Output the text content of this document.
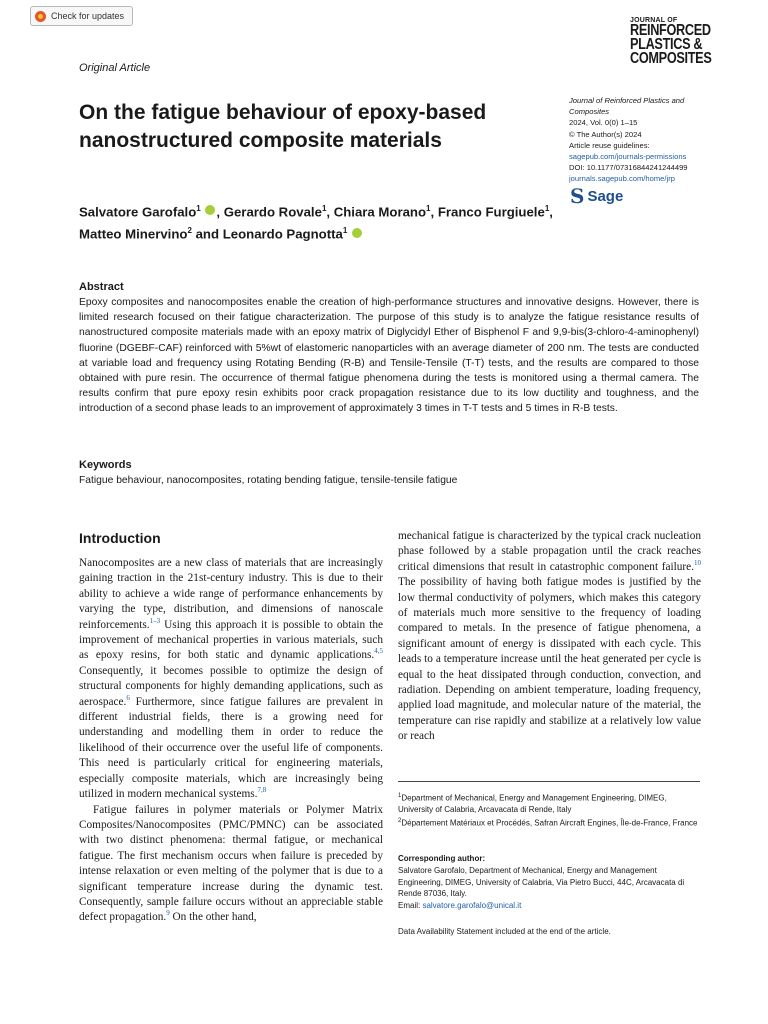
Check for updates	JOURNAL OF
REINFORCED
PLASTICS &
COMPOSITES
Original Article
On the fatigue behaviour of epoxy-based nanostructured composite materials
Journal of Reinforced Plastics and
Composites
2024, Vol. 0(0) 1–15
© The Author(s) 2024
Article reuse guidelines:
sagepub.com/journals-permissions
DOI: 10.1177/07316844241244499
journals.sagepub.com/home/jrp
S Sage
Salvatore Garofalo$^1$ , Gerardo Rovale$^1$, Chiara Morano$^1$, Franco Furgiuele$^1$, Matteo Minervino$^2$ and Leonardo Pagnotta$^1$
Abstract
Epoxy composites and nanocomposites enable the creation of high-performance structures and innovative designs. However, there is limited research focused on their fatigue characterization. The purpose of this study is to analyze the fatigue resistance results of nanostructured composite materials made with an epoxy matrix of Diglycidyl Ether of Bisphenol F and 9,9-bis(3-chloro-4-aminophenyl) fluorine (DGEBF-CAF) reinforced with 5%wt of elastomeric nanoparticles with an average diameter of 200 nm. The tests are conducted at variable load and frequency using Rotating Bending (R-B) and Tensile-Tensile (T-T) tests, and the results are compared to those obtained with pure resin. The occurrence of thermal fatigue phenomena during the tests is monitored using a thermal camera. The results confirm that pure epoxy resin exhibits poor crack propagation resistance due to its low ductility and toughness, and the introduction of a second phase leads to an improvement of approximately 3 times in T-T tests and 5 times in R-B tests.
Keywords
Fatigue behaviour, nanocomposites, rotating bending fatigue, tensile-tensile fatigue
Introduction

Nanocomposites are a new class of materials that are increasingly gaining traction in the 21st-century industry. This is due to their ability to achieve a wide range of performance enhancements by varying the type, distribution, and dimensions of nanoscale reinforcements.$^{1-3}$ Using this approach it is possible to obtain the improvement of mechanical properties in various materials, such as epoxy resins, for both static and dynamic applications.$^{4,5}$ Consequently, it becomes possible to optimize the design of structural components for highly demanding applications, such as aerospace.$^6$ Furthermore, since fatigue failures are prevalent in different industrial fields, there is a growing need for understanding and modelling them in order to reduce the likelihood of their occurrence over the useful life of components. This need is particularly critical for engineering materials, especially composite materials, which are increasingly being utilized in modern mechanical systems.$^{7,8}$

Fatigue failures in polymer materials or Polymer Matrix Composites/Nanocomposites (PMC/PMNC) can be associated with two distinct phenomena: thermal fatigue, or mechanical fatigue. The first mechanism occurs when failure is preceded by intense relaxation or even melting of the polymer that is due to a significant temperature increase during the dynamic test. Consequently, sample failure occurs without an appreciable stable defect propagation.$^9$ On the other hand,

mechanical fatigue is characterized by the typical crack nucleation phase followed by a stable propagation until the crack reaches critical dimensions that result in catastrophic component failure.$^{10}$ The possibility of having both fatigue modes is justified by the low thermal conductivity of polymers, which makes this category of materials much more sensitive to the frequency of loading compared to metals. In the presence of fatigue phenomena, a significant amount of energy is dissipated with each cycle. This leads to a temperature increase until the heat generated per cycle is equal to the heat dissipated through conduction, convection, and radiation. Depending on ambient temperature, loading frequency, applied load magnitude, and molecular nature of the material, the temperature can rise rapidly and stabilize at a relatively low value or reach

$^1$Department of Mechanical, Energy and Management Engineering, DIMEG, University of Calabria, Arcavacata di Rende, Italy
$^2$Département Matériaux et Procédés, Safran Aircraft Engines, Île-de-France, France
Corresponding author:
Salvatore Garofalo, Department of Mechanical, Energy and Management Engineering, DIMEG, University of Calabria, Via Pietro Bucci, 44C, Arcavacata di Rende 87036, Italy.
Email: salvatore.garofalo@unical.it
Data Availability Statement included at the end of the article.
